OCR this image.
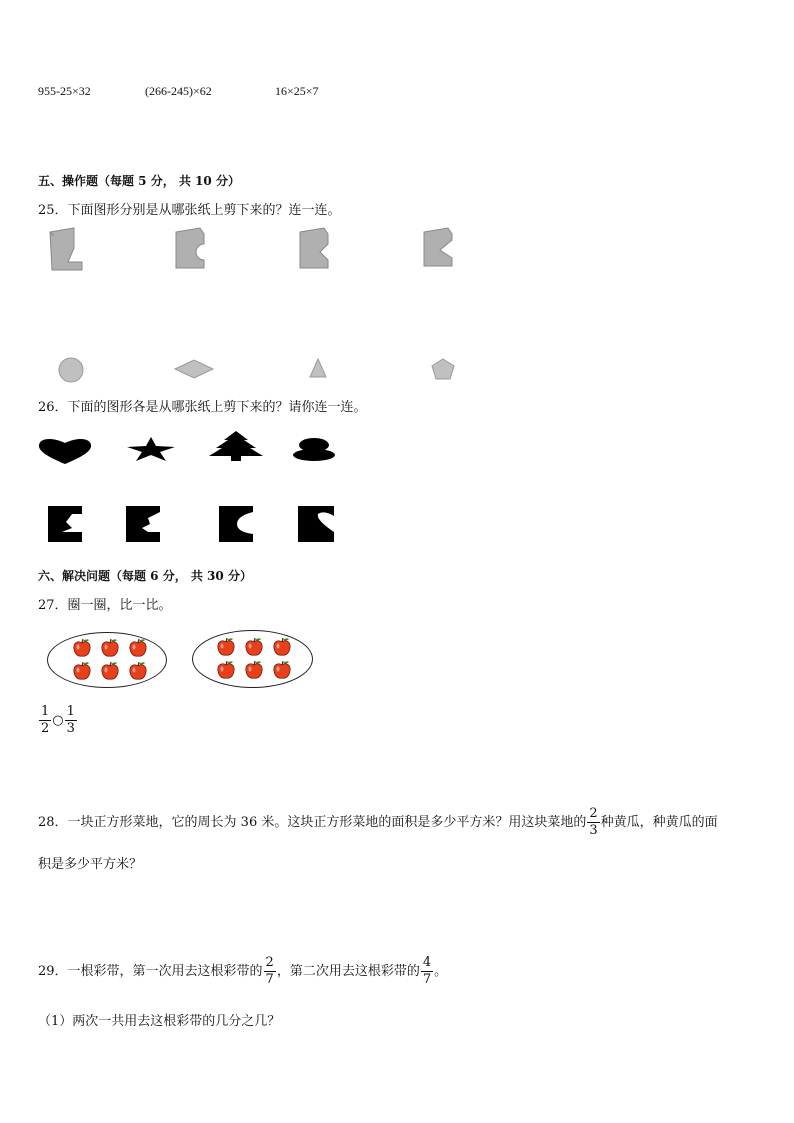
955-25×32	(266-245)×62	16×25×7
五、操作题（每题 5 分， 共 10 分）
25．下面图形分别是从哪张纸上剪下来的？连一连。
26．下面的图形各是从哪张纸上剪下来的？请你连一连。
六、解决问题（每题 6 分， 共 30 分）
27．圈一圈，比一比。
$\frac{1}{2}$ ○ $\frac{1}{3}$
28．一块正方形菜地，它的周长为 36 米。这块正方形菜地的面积是多少平方米？用这块菜地的 $\frac{2}{3}$ 种黄瓜，种黄瓜的面
积是多少平方米？
29．一根彩带，第一次用去这根彩带的 $\frac{2}{7}$ ，第二次用去这根彩带的 $\frac{4}{7}$ 。
（1）两次一共用去这根彩带的几分之几？
